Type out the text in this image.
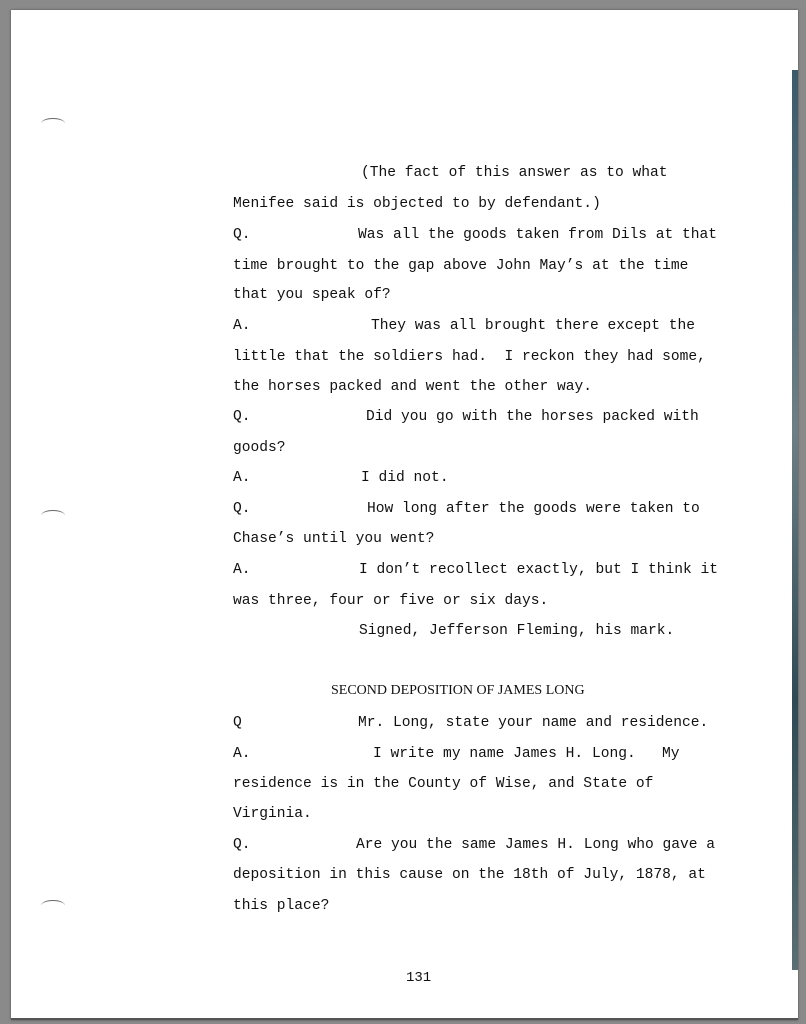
(The fact of this answer as to what
Menifee said is objected to by defendant.)
Q.	Was all the goods taken from Dils at that
time brought to the gap above John May’s at the time
that you speak of?
A.	They was all brought there except the
little that the soldiers had.  I reckon they had some,
the horses packed and went the other way.
Q.	Did you go with the horses packed with
goods?
A.	I did not.
Q.	How long after the goods were taken to
Chase’s until you went?
A.	I don’t recollect exactly, but I think it
was three, four or five or six days.
Signed, Jefferson Fleming, his mark.
SECOND DEPOSITION OF JAMES LONG
Q	Mr. Long, state your name and residence.
A.	I write my name James H. Long.   My
residence is in the County of Wise, and State of
Virginia.
Q.	Are you the same James H. Long who gave a
deposition in this cause on the 18th of July, 1878, at
this place?
131
